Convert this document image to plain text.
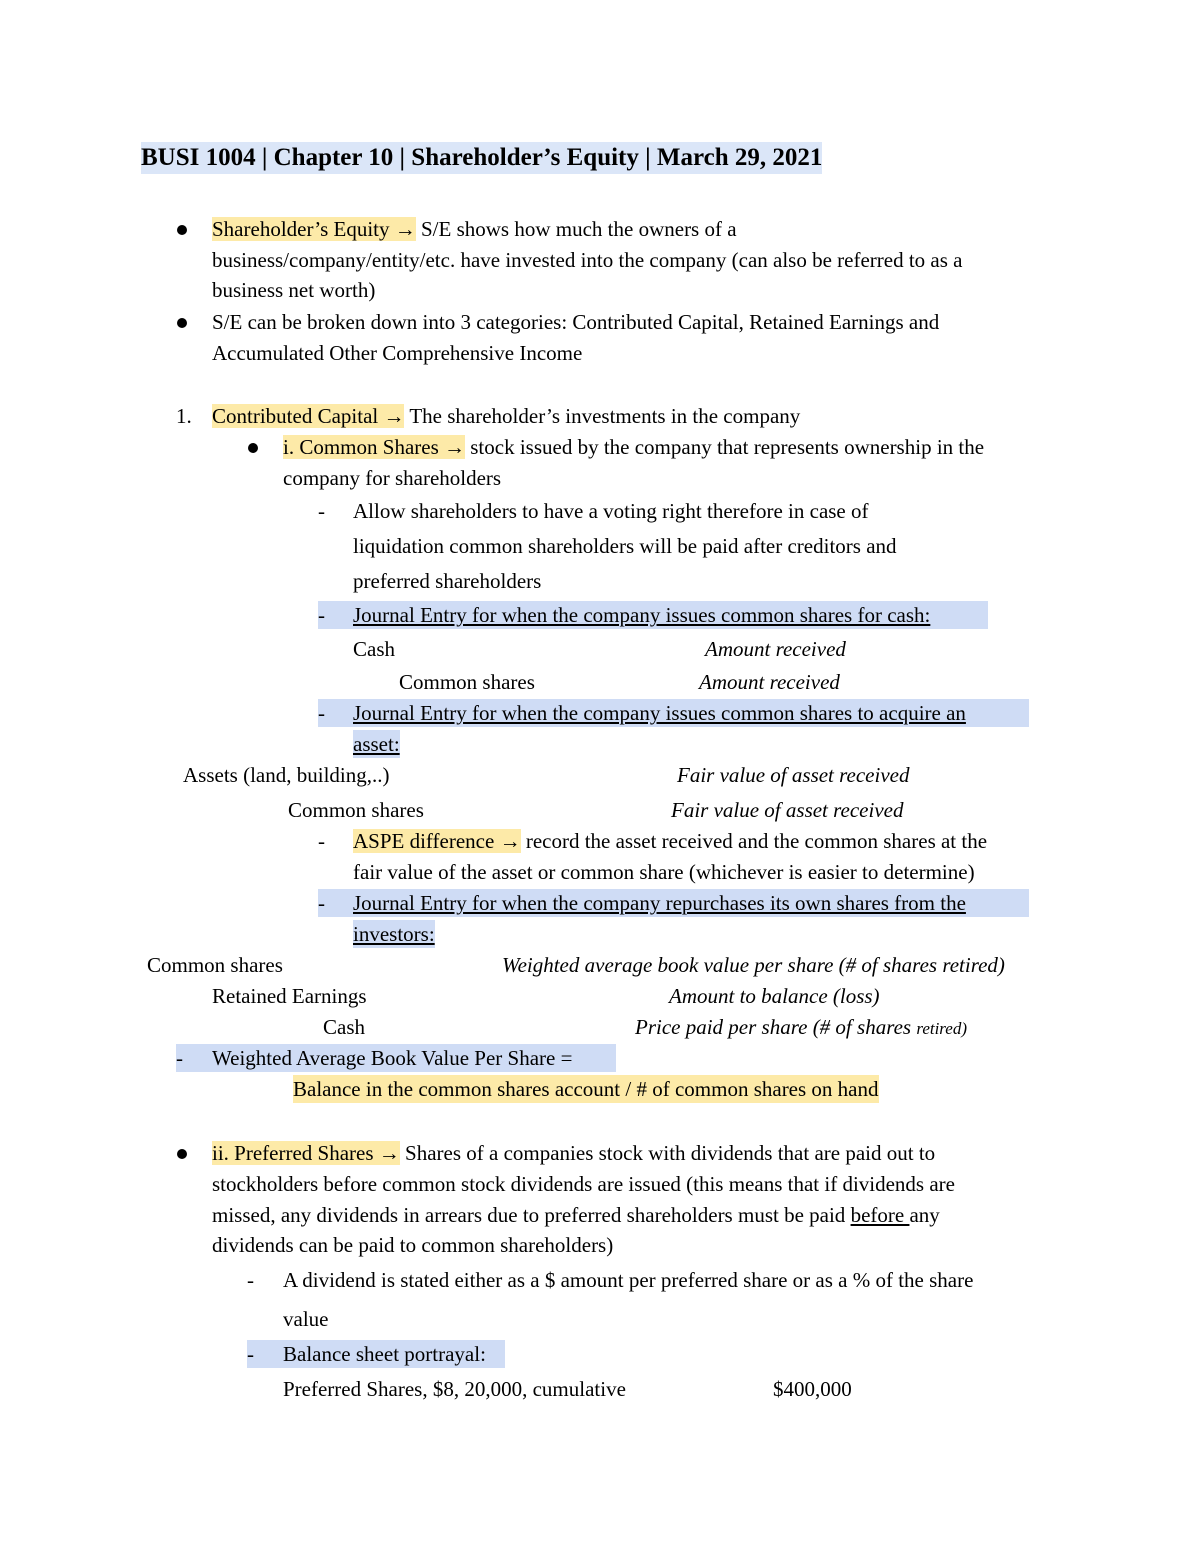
BUSI 1004 | Chapter 10 | Shareholder’s Equity | March 29, 2021
Shareholder’s Equity → S/E shows how much the owners of a
business/company/entity/etc. have invested into the company (can also be referred to as a
business net worth)
S/E can be broken down into 3 categories: Contributed Capital, Retained Earnings and
Accumulated Other Comprehensive Income
1. Contributed Capital → The shareholder’s investments in the company
i. Common Shares → stock issued by the company that represents ownership in the
company for shareholders
- Allow shareholders to have a voting right therefore in case of
liquidation common shareholders will be paid after creditors and
preferred shareholders
- Journal Entry for when the company issues common shares for cash:
Cash	Amount received
Common shares	Amount received
- Journal Entry for when the company issues common shares to acquire an
asset:
Assets (land, building,..)	Fair value of asset received
Common shares	Fair value of asset received
- ASPE difference → record the asset received and the common shares at the
fair value of the asset or common share (whichever is easier to determine)
- Journal Entry for when the company repurchases its own shares from the
investors:
Common shares	Weighted average book value per share (# of shares retired)
Retained Earnings	Amount to balance (loss)
Cash	Price paid per share (# of shares retired)
- Weighted Average Book Value Per Share =
Balance in the common shares account / # of common shares on hand
ii. Preferred Shares → Shares of a companies stock with dividends that are paid out to
stockholders before common stock dividends are issued (this means that if dividends are
missed, any dividends in arrears due to preferred shareholders must be paid before any
dividends can be paid to common shareholders)
- A dividend is stated either as a $ amount per preferred share or as a % of the share
value
- Balance sheet portrayal:
Preferred Shares, $8, 20,000, cumulative	$400,000
